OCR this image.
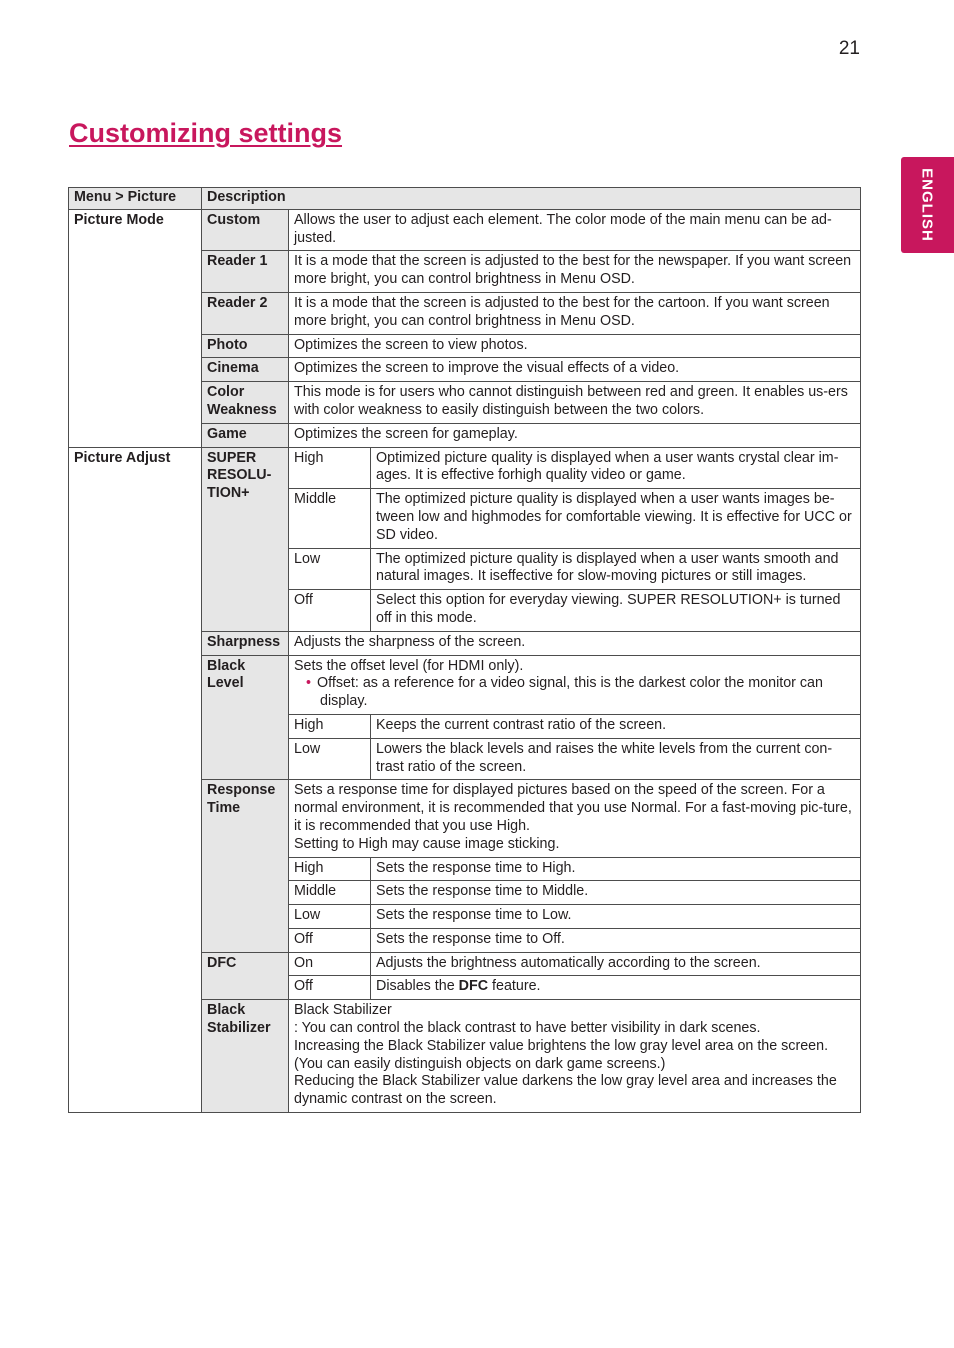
21
Customizing settings
ENGLISH
Menu > Picture	Description		
Picture Mode	Custom	Allows the user to adjust each element. The color mode of the main menu can be ad-justed.	
	Reader 1	It is a mode that the screen is adjusted to the best for the newspaper. If you want screen more bright, you can control brightness in Menu OSD.	
	Reader 2	It is a mode that the screen is adjusted to the best for the cartoon. If you want screen more bright, you can control brightness in Menu OSD.	
	Photo	Optimizes the screen to view photos.	
	Cinema	Optimizes the screen to improve the visual effects of a video.	
	Color Weakness	This mode is for users who cannot distinguish between red and green. It enables us-ers with color weakness to easily distinguish between the two colors.	
	Game	Optimizes the screen for gameplay.	
Picture Adjust	SUPER RESOLU-TION+	High	Optimized picture quality is displayed when a user wants crystal clear im-ages. It is effective forhigh quality video or game.
		Middle	The optimized picture quality is displayed when a user wants images be-tween low and highmodes for comfortable viewing. It is effective for UCC or SD video.
		Low	The optimized picture quality is displayed when a user wants smooth and natural images. It iseffective for slow-moving pictures or still images.
		Off	Select this option for everyday viewing. SUPER RESOLUTION+ is turned off in this mode.
	Sharpness	Adjusts the sharpness of the screen.	
	Black Level	Sets the offset level (for HDMI only).
• Offset: as a reference for a video signal, this is the darkest color the monitor can display.	

		High	Keeps the current contrast ratio of the screen.
		Low	Lowers the black levels and raises the white levels from the current con-trast ratio of the screen.
	Response Time	Sets a response time for displayed pictures based on the speed of the screen. For a normal environment, it is recommended that you use Normal. For a fast-moving pic-ture, it is recommended that you use High.
Setting to High may cause image sticking.	

		High	Sets the response time to High.
		Middle	Sets the response time to Middle.
		Low	Sets the response time to Low.
		Off	Sets the response time to Off.
	DFC	On	Adjusts the brightness automatically according to the screen.
		Off	Disables the DFC feature.
	Black Stabilizer	Black Stabilizer
: You can control the black contrast to have better visibility in dark scenes.
Increasing the Black Stabilizer value brightens the low gray level area on the screen. (You can easily distinguish objects on dark game screens.)
Reducing the Black Stabilizer value darkens the low gray level area and increases the dynamic contrast on the screen.	
